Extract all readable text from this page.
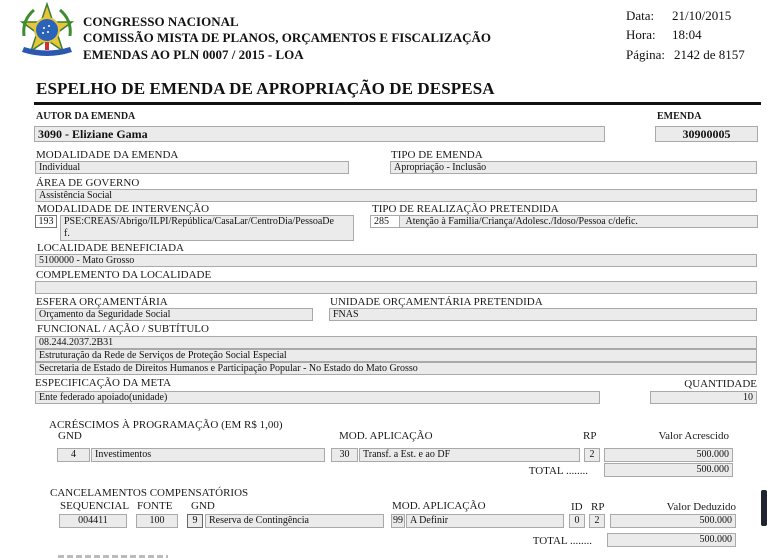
CONGRESSO NACIONAL
COMISSÃO MISTA DE PLANOS, ORÇAMENTOS E FISCALIZAÇÃO
EMENDAS AO PLN 0007 / 2015 - LOA
Data: 21/10/2015
Hora: 18:04
Página: 2142 de 8157
ESPELHO DE EMENDA DE APROPRIAÇÃO DE DESPESA
AUTOR DA EMENDA
3090 - Eliziane Gama
EMENDA
30900005
MODALIDADE DA EMENDA
Individual
TIPO DE EMENDA
Apropriação - Inclusão
ÁREA DE GOVERNO
Assistência Social
MODALIDADE DE INTERVENÇÃO
193	PSE:CREAS/Abrigo/ILPI/República/CasaLar/CentroDia/PessoaDe
f.
TIPO DE REALIZAÇÃO PRETENDIDA
285 Atenção à Familia/Criança/Adolesc./Idoso/Pessoa c/defic.
LOCALIDADE BENEFICIADA
5100000 - Mato Grosso
COMPLEMENTO DA LOCALIDADE
ESFERA ORÇAMENTÁRIA
Orçamento da Seguridade Social
UNIDADE ORÇAMENTÁRIA PRETENDIDA
FNAS
FUNCIONAL / AÇÃO / SUBTÍTULO
08.244.2037.2B31
Estruturação da Rede de Serviços de Proteção Social Especial
Secretaria de Estado de Direitos Humanos e Participação Popular - No Estado do Mato Grosso
ESPECIFICAÇÃO DA META
Ente federado apoiado(unidade)
QUANTIDADE
10
ACRÉSCIMOS À PROGRAMAÇÃO (EM R$ 1,00)
GND	MOD. APLICAÇÃO	RP	Valor Acrescido
4	Investimentos	30	Transf. a Est. e ao DF	2	500.000
TOTAL ........	500.000
CANCELAMENTOS COMPENSATÓRIOS
SEQUENCIAL FONTE GND	MOD. APLICAÇÃO	ID RP	Valor Deduzido
004411	100	9	Reserva de Contingência	99 A Definir	0	2	500.000
TOTAL ........	500.000
